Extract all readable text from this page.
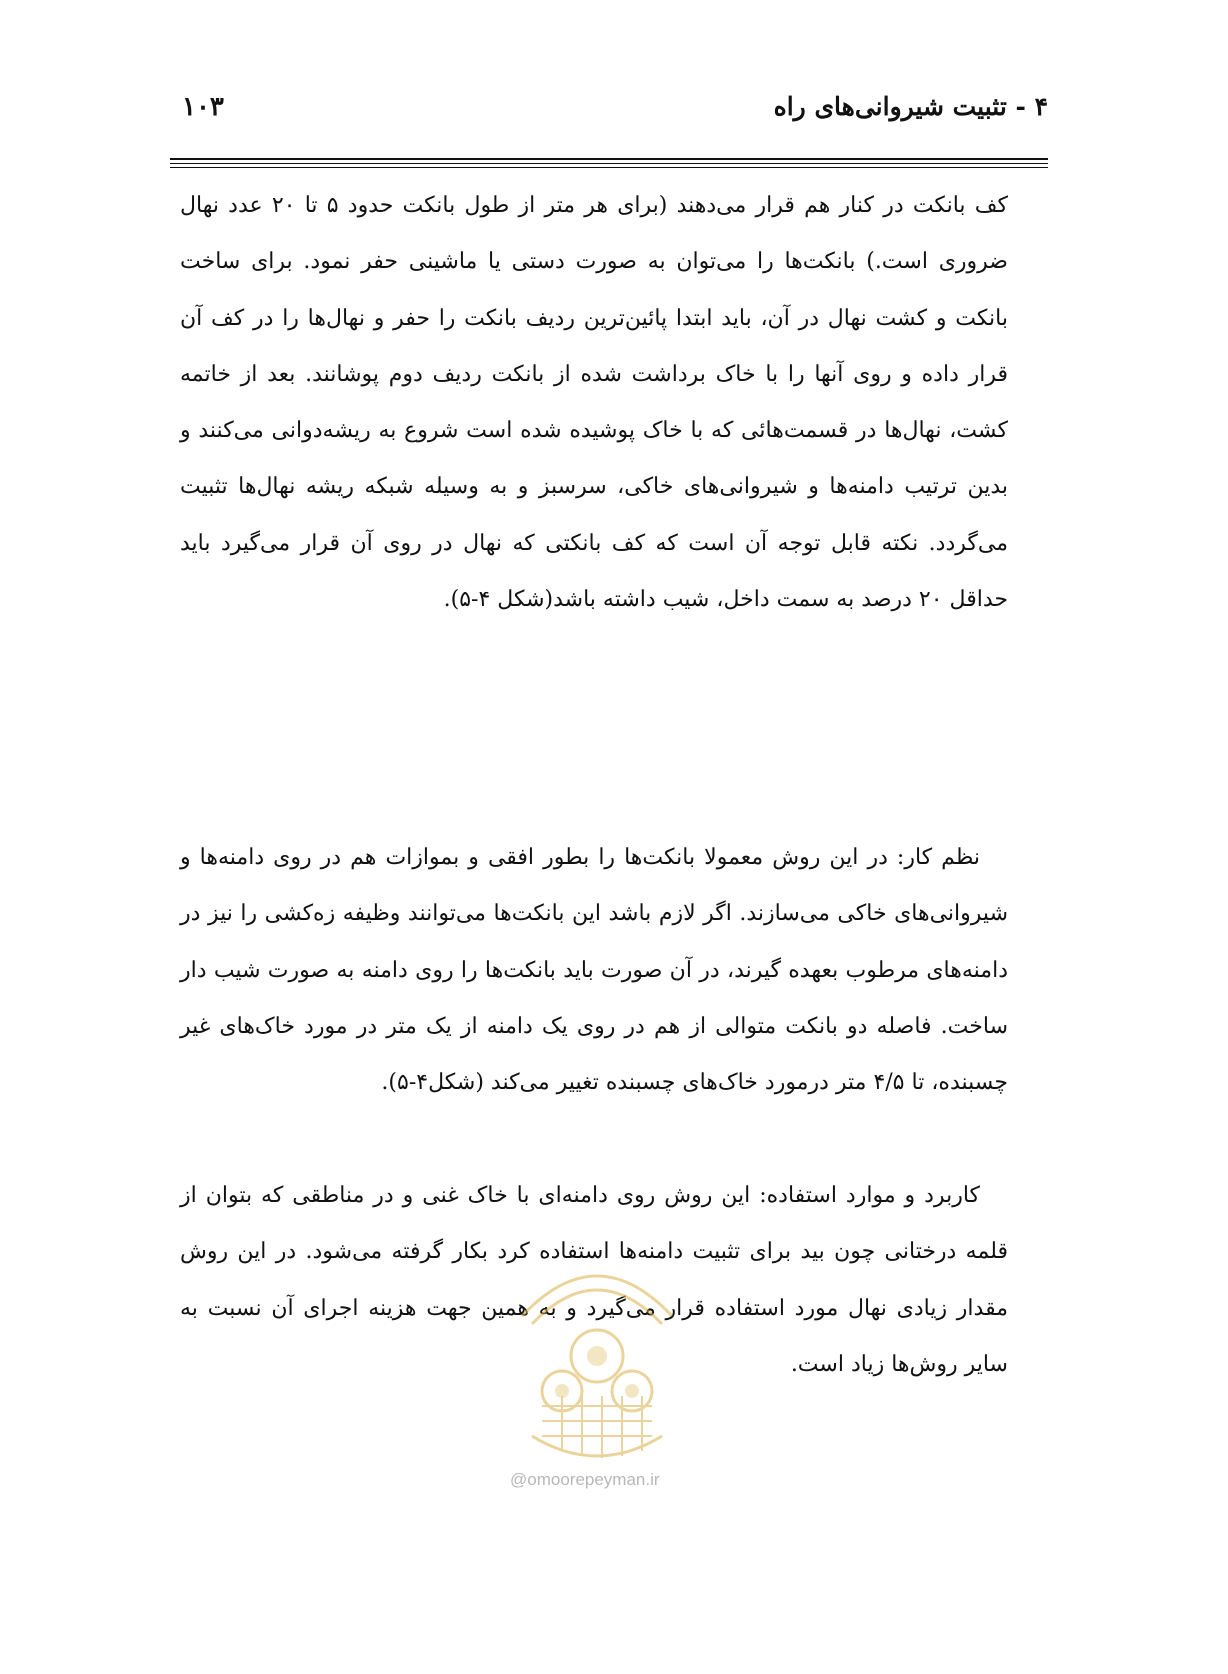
۴ - تثبیت شیروانی‌های راه
۱۰۳

کف بانکت در کنار هم قرار می‌دهند (برای هر متر از طول بانکت حدود ۵ تا ۲۰ عدد نهال ضروری است.) بانکت‌ها را می‌توان به صورت دستی یا ماشینی حفر نمود. برای ساخت بانکت و کشت نهال در آن، باید ابتدا پائین‌ترین ردیف بانکت را حفر و نهال‌ها را در کف آن قرار داده و روی آنها را با خاک برداشت شده از بانکت ردیف دوم پوشانند. بعد از خاتمه کشت، نهال‌ها در قسمت‌هائی که با خاک پوشیده شده است شروع به ریشه‌دوانی می‌کنند و بدین ترتیب دامنه‌ها و شیروانی‌های خاکی، سرسبز و به وسیله شبکه ریشه نهال‌ها تثبیت می‌گردد. نکته قابل توجه آن است که کف بانکتی که نهال در روی آن قرار می‌گیرد باید حداقل ۲۰ درصد به سمت داخل، شیب داشته باشد(شکل ۴-۵).

نظم کار: در این روش معمولا بانکت‌ها را بطور افقی و بموازات هم در روی دامنه‌ها و شیروانی‌های خاکی می‌سازند. اگر لازم باشد این بانکت‌ها می‌توانند وظیفه زه‌کشی را نیز در دامنه‌های مرطوب بعهده گیرند، در آن صورت باید بانکت‌ها را روی دامنه به صورت شیب دار ساخت. فاصله دو بانکت متوالی از هم در روی یک دامنه از یک متر در مورد خاک‌های غیر چسبنده، تا ۴/۵ متر درمورد خاک‌های چسبنده تغییر می‌کند (شکل۴-۵).

کاربرد و موارد استفاده: این روش روی دامنه‌ای با خاک غنی و در مناطقی که بتوان از قلمه درختانی چون بید برای تثبیت دامنه‌ها استفاده کرد بکار گرفته می‌شود. در این روش مقدار زیادی نهال مورد استفاده قرار می‌گیرد و به همین جهت هزینه اجرای آن نسبت به سایر روش‌ها زیاد است.

@omoorepeyman.ir
